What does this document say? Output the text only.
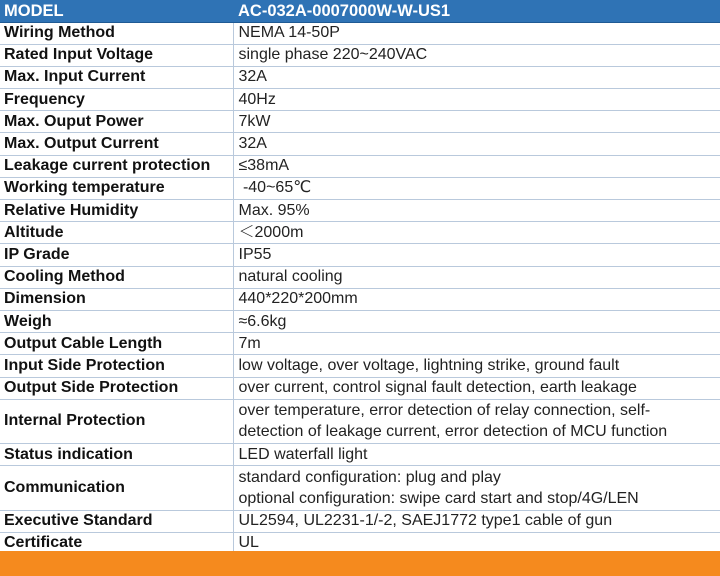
MODEL	AC-032A-0007000W-W-US1
Wiring Method	NEMA 14-50P
Rated Input Voltage	single phase 220~240VAC
Max. Input Current	32A
Frequency	40Hz
Max. Ouput Power	7kW
Max. Output Current	32A
Leakage current protection	≤38mA
Working temperature	-40~65℃
Relative Humidity	Max. 95%
Altitude	＜2000m
IP Grade	IP55
Cooling Method	natural cooling
Dimension	440*220*200mm
Weigh	≈6.6kg
Output Cable Length	7m
Input Side Protection	low voltage, over voltage, lightning strike, ground fault
Output Side Protection	over current, control signal fault detection, earth leakage
Internal Protection	over temperature, error detection of relay connection, self-
detection of leakage current, error detection of MCU function

Status indication	LED waterfall light
Communication	standard configuration: plug and play
optional configuration: swipe card start and stop/4G/LEN

Executive Standard	UL2594, UL2231-1/-2, SAEJ1772 type1 cable of gun
Certificate	UL
